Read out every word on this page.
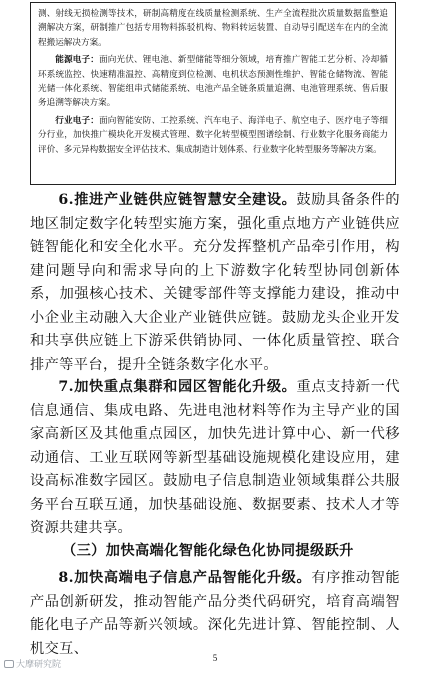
测、射线无损检测等技术，研制高精度在线质量检测系统、生产全流程批次质量数据监整追溯解决方案，研制推广包括专用物料拣驳机构、物料转运装置、自动导引配送车在内的全流程搬运解决方案。

能源电子：面向光伏、锂电池、新型储能等细分领域，培育推广智能工艺分析、冷却循环系统监控、快速精准温控、高精度到位检测、电机状态预测性维护、智能仓储物流、智能光储一体化系统、智能组串式储能系统、电池产品全链条质量追溯、电池管理系统、售后服务追溯等解决方案。

行业电子：面向智能安防、工控系统、汽车电子、海洋电子、航空电子、医疗电子等细分行业，加快推广模块化开发模式管理、数字化转型模型图谱绘制、行业数字化服务商能力评价、多元异构数据安全评估技术、集成制造计划体系、行业数字化转型服务等解决方案。

6.推进产业链供应链智慧安全建设。鼓励具备条件的地区制定数字化转型实施方案，强化重点地方产业链供应链智能化和安全化水平。充分发挥整机产品牵引作用，构建问题导向和需求导向的上下游数字化转型协同创新体系，加强核心技术、关键零部件等支撑能力建设，推动中小企业主动融入大企业产业链供应链。鼓励龙头企业开发和共享供应链上下游采供销协同、一体化质量管控、联合排产等平台，提升全链条数字化水平。

7.加快重点集群和园区智能化升级。重点支持新一代信息通信、集成电路、先进电池材料等作为主导产业的国家高新区及其他重点园区，加快先进计算中心、新一代移动通信、工业互联网等新型基础设施规模化建设应用，建设高标准数字园区。鼓励电子信息制造业领域集群公共服务平台互联互通，加快基础设施、数据要素、技术人才等资源共建共享。

（三）加快高端化智能化绿色化协同提级跃升

8.加快高端电子信息产品智能化升级。有序推动智能产品创新研发，推动智能产品分类代码研究，培育高端智能化电子产品等新兴领域。深化先进计算、智能控制、人机交互、

5
大摩研究院
